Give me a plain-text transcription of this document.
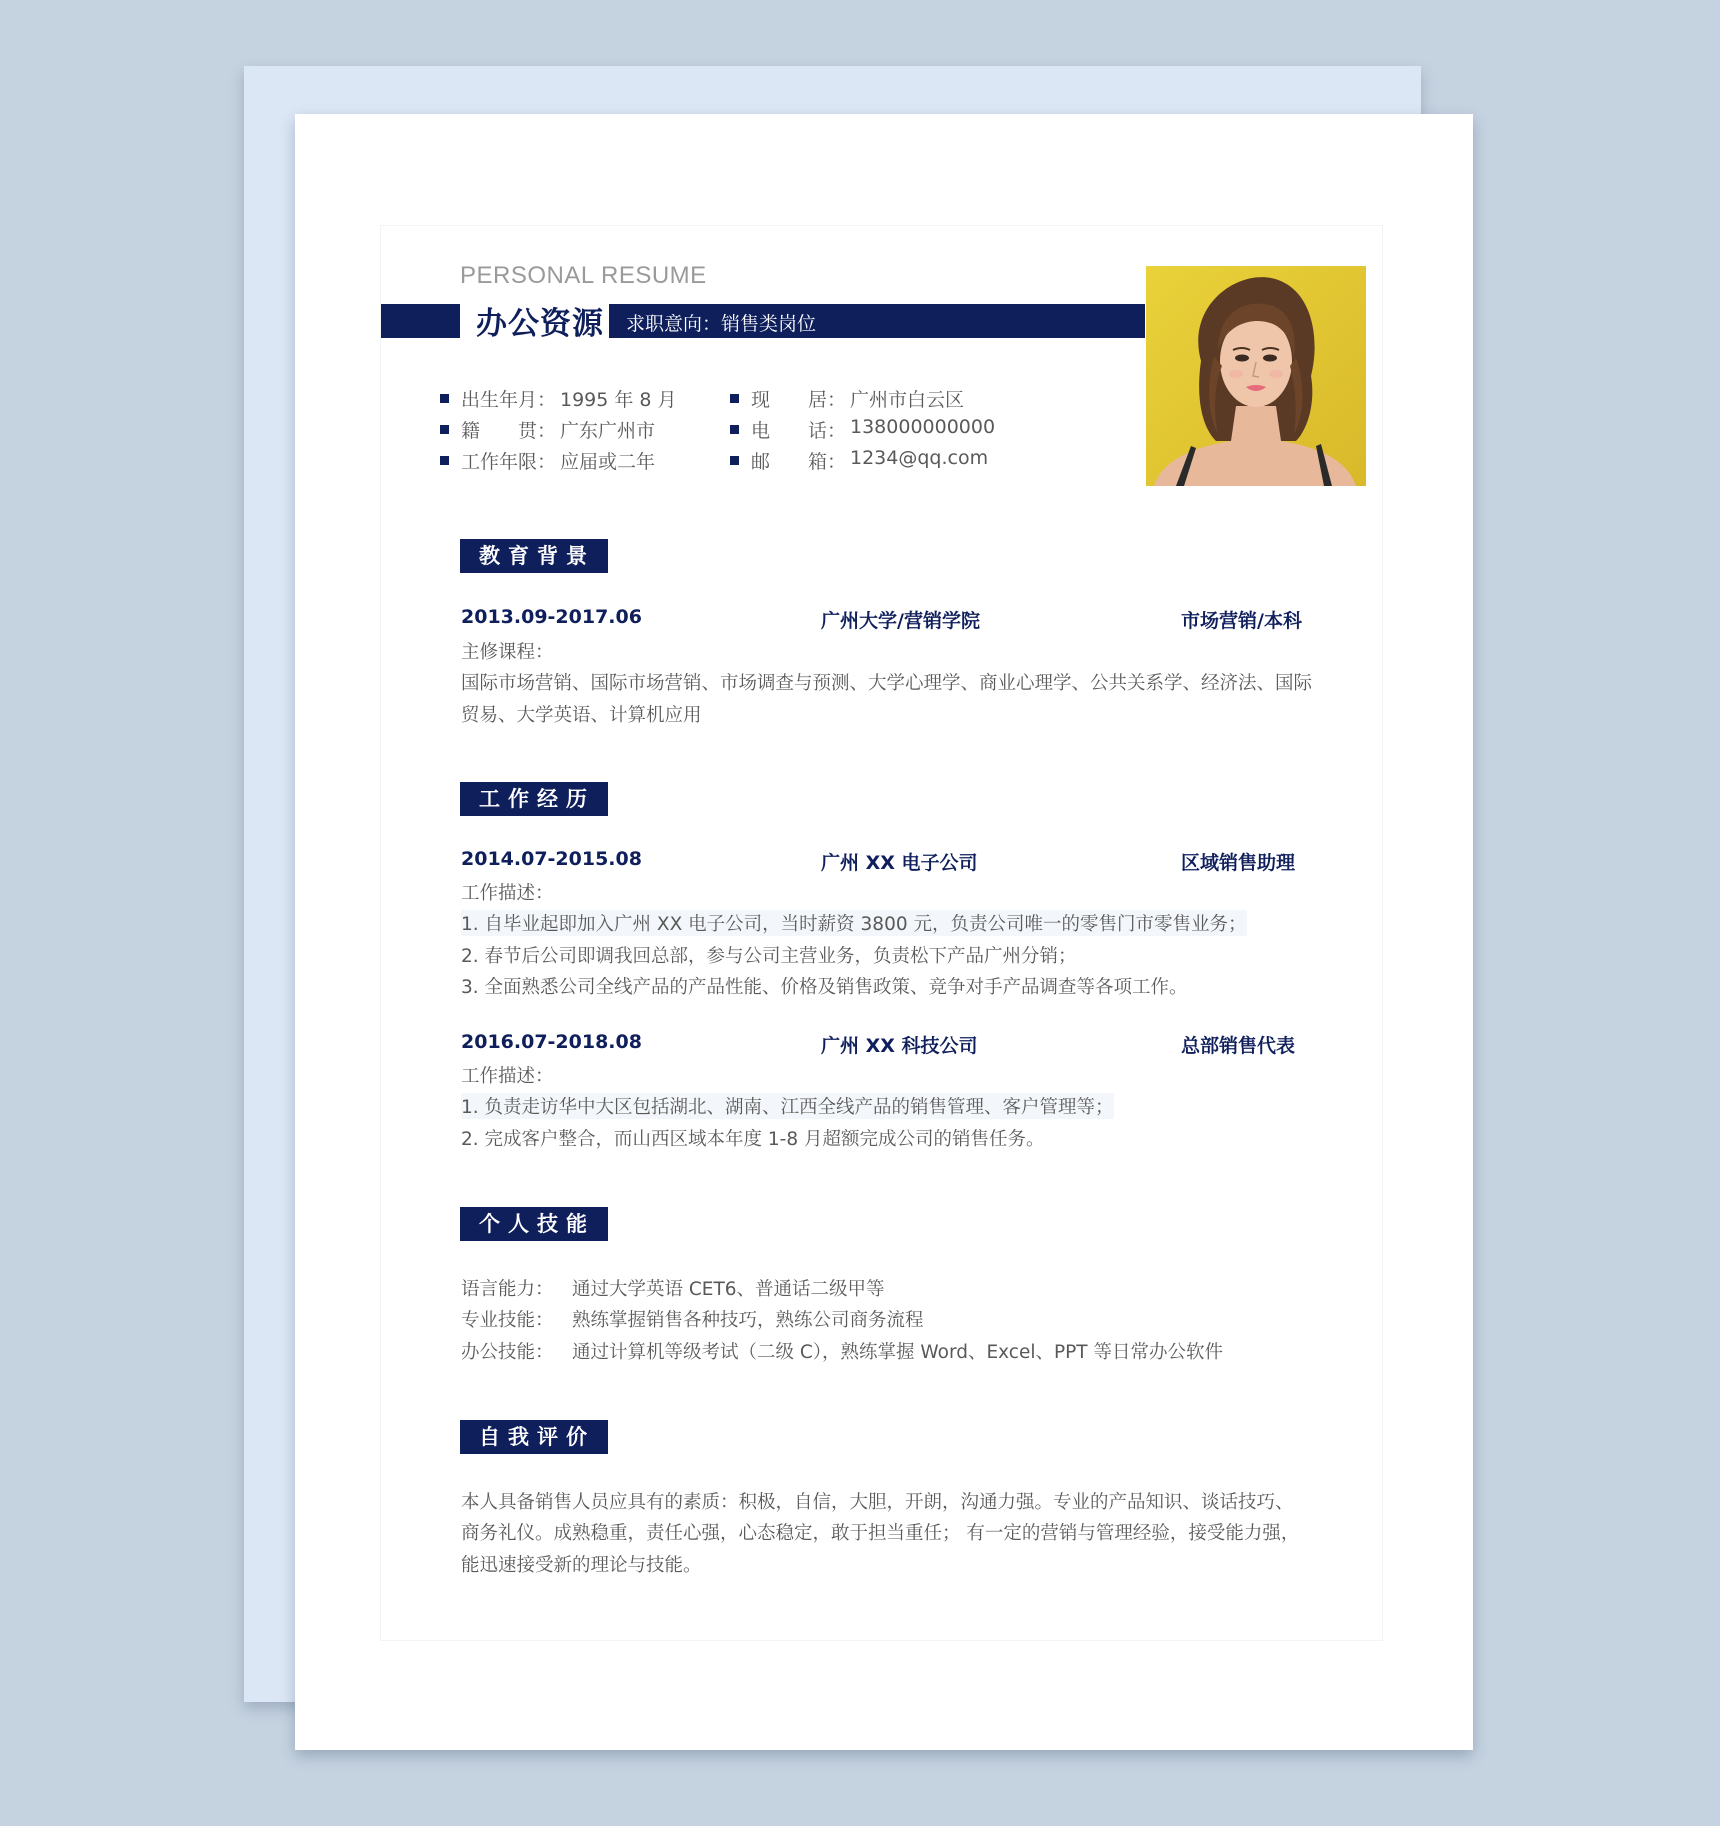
PERSONAL RESUME
办公资源 求职意向：销售类岗位
出生年月： 1995 年 8 月
籍　　贯： 广东广州市
工作年限： 应届或二年
现　　居： 广州市白云区
电　　话： 138000000000
邮　　箱： 1234@qq.com
教育背景
2013.09-2017.06	广州大学/营销学院	市场营销/本科
主修课程：
国际市场营销、国际市场营销、市场调查与预测、大学心理学、商业心理学、公共关系学、经济法、国际
贸易、大学英语、计算机应用
工作经历
2014.07-2015.08	广州 XX 电子公司	区域销售助理
工作描述：
1. 自毕业起即加入广州 XX 电子公司，当时薪资 3800 元，负责公司唯一的零售门市零售业务；
2. 春节后公司即调我回总部，参与公司主营业务，负责松下产品广州分销；
3. 全面熟悉公司全线产品的产品性能、价格及销售政策、竞争对手产品调查等各项工作。
2016.07-2018.08	广州 XX 科技公司	总部销售代表
工作描述：
1. 负责走访华中大区包括湖北、湖南、江西全线产品的销售管理、客户管理等；
2. 完成客户整合，而山西区域本年度 1-8 月超额完成公司的销售任务。
个人技能
语言能力： 通过大学英语 CET6、普通话二级甲等
专业技能： 熟练掌握销售各种技巧，熟练公司商务流程
办公技能： 通过计算机等级考试（二级 C），熟练掌握 Word、Excel、PPT 等日常办公软件
自我评价
本人具备销售人员应具有的素质：积极，自信，大胆，开朗，沟通力强。专业的产品知识、谈话技巧、
商务礼仪。成熟稳重，责任心强，心态稳定，敢于担当重任； 有一定的营销与管理经验，接受能力强，
能迅速接受新的理论与技能。
